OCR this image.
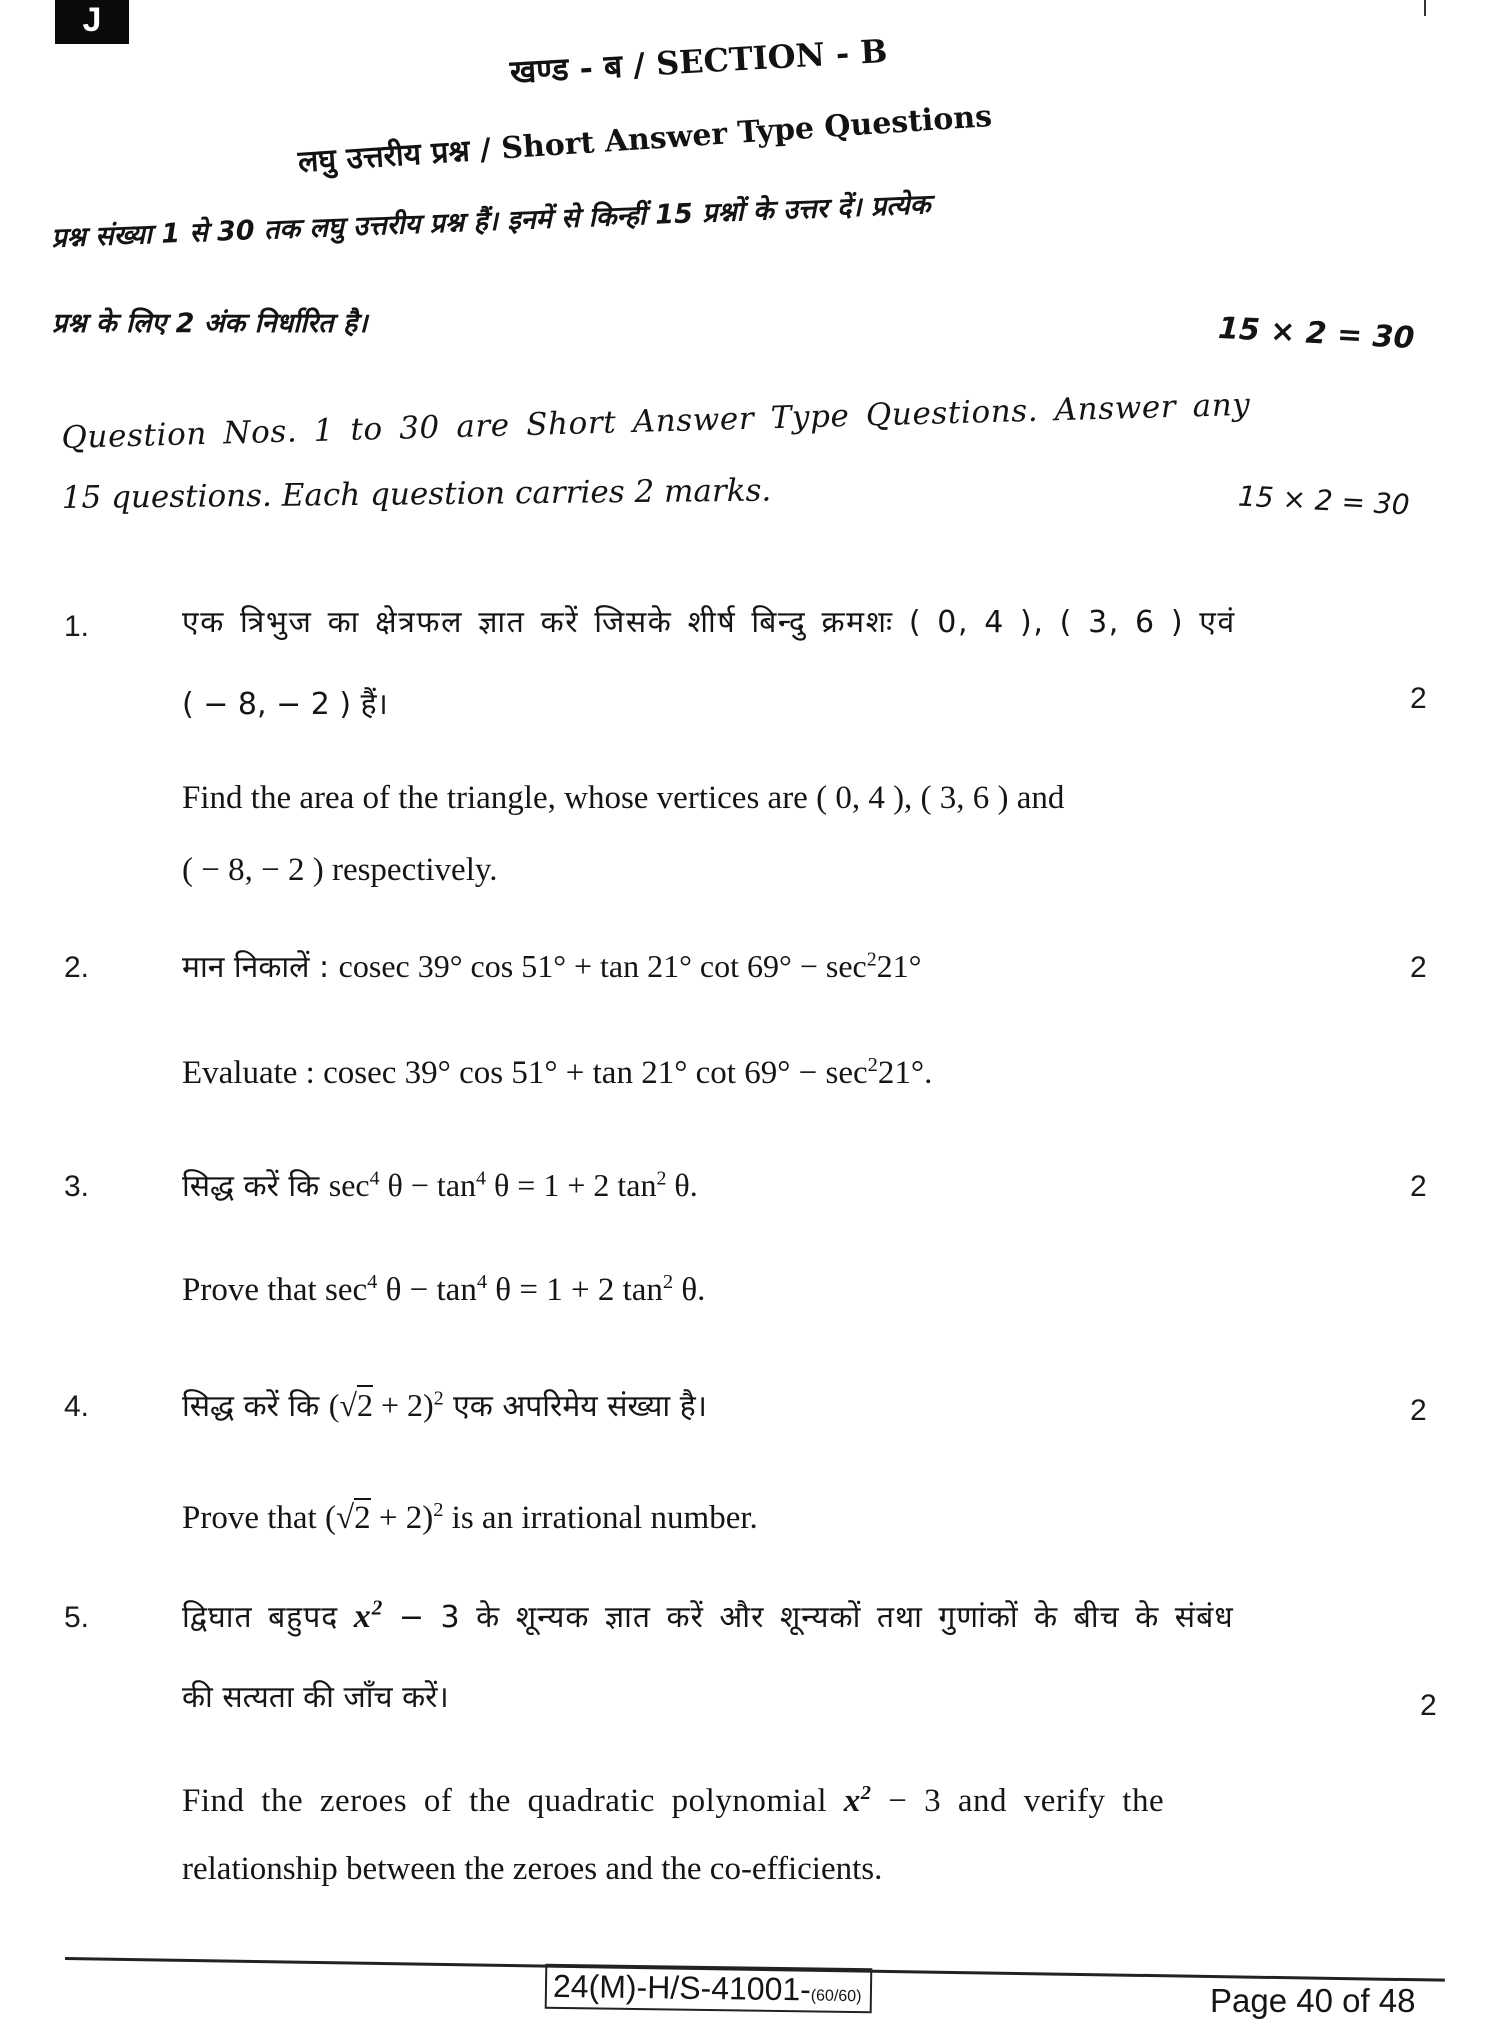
J
खण्ड - ब / SECTION - B
लघु उत्तरीय प्रश्न / Short Answer Type Questions
प्रश्न संख्या 1 से 30 तक लघु उत्तरीय प्रश्न हैं। इनमें से किन्हीं 15 प्रश्नों के उत्तर दें। प्रत्येक
प्रश्न के लिए 2 अंक निर्धारित है।	15 × 2 = 30
Question Nos. 1 to 30 are Short Answer Type Questions. Answer any
15 questions. Each question carries 2 marks.	15 × 2 = 30
1.	एक त्रिभुज का क्षेत्रफल ज्ञात करें जिसके शीर्ष बिन्दु क्रमशः ( 0, 4 ), ( 3, 6 ) एवं
( − 8, − 2 ) हैं।	2
Find the area of the triangle, whose vertices are ( 0, 4 ), ( 3, 6 ) and
( − 8, − 2 ) respectively.
2.	मान निकालें : cosec 39° cos 51° + tan 21° $\cot 69^\circ - \sec^221^\circ$	2
Evaluate : cosec 39° cos 51° + tan 21° $\cot 69^\circ - \sec^221^\circ$.
3.	सिद्ध करें कि $\sec^4 \theta - \tan^4 \theta = 1 + 2$ $\tan^2 \theta$.	2
Prove that $\sec^4 \theta - \tan^4 \theta = 1 + 2$ $\tan^2 \theta$.
4.	सिद्ध करें कि $(√2 + 2)^2$ एक अपरिमेय संख्या है।	2
Prove that $(√2 + 2)^2$ is an irrational number.
5.	द्विघात बहुपद $x^2 - 3$ के शून्यक ज्ञात करें और शून्यकों तथा गुणांकों के बीच के संबंध
की सत्यता की जाँच करें।	2
Find the zeroes of the quadratic polynomial $x^2 - 3$ and verify the
relationship between the zeroes and the co-efficients.
24(M)-H/S-41001-(60/60)	Page 40 of 48
